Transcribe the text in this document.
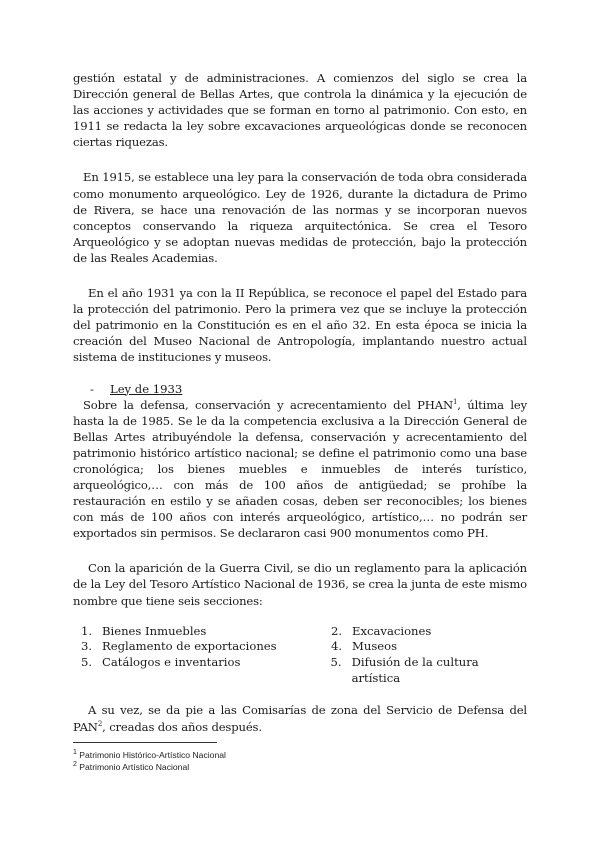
gestión estatal y de administraciones. A comienzos del siglo se crea la Dirección general de Bellas Artes, que controla la dinámica y la ejecución de las acciones y actividades que se forman en torno al patrimonio. Con esto, en 1911 se redacta la ley sobre excavaciones arqueológicas donde se reconocen ciertas riquezas.

En 1915, se establece una ley para la conservación de toda obra considerada como monumento arqueológico. Ley de 1926, durante la dictadura de Primo de Rivera, se hace una renovación de las normas y se incorporan nuevos conceptos conservando la riqueza arquitectónica. Se crea el Tesoro Arqueológico y se adoptan nuevas medidas de protección, bajo la protección de las Reales Academias.

En el año 1931 ya con la II República, se reconoce el papel del Estado para la protección del patrimonio. Pero la primera vez que se incluye la protección del patrimonio en la Constitución es en el año 32. En esta época se inicia la creación del Museo Nacional de Antropología, implantando nuestro actual sistema de instituciones y museos.

-	Ley de 1933

Sobre la defensa, conservación y acrecentamiento del PHAN$^1$, última ley hasta la de 1985. Se le da la competencia exclusiva a la Dirección General de Bellas Artes atribuyéndole la defensa, conservación y acrecentamiento del patrimonio histórico artístico nacional; se define el patrimonio como una base cronológica; los bienes muebles e inmuebles de interés turístico, arqueológico,… con más de 100 años de antigüedad; se prohíbe la restauración en estilo y se añaden cosas, deben ser reconocibles; los bienes con más de 100 años con interés arqueológico, artístico,… no podrán ser exportados sin permisos. Se declararon casi 900 monumentos como PH.

Con la aparición de la Guerra Civil, se dio un reglamento para la aplicación de la Ley del Tesoro Artístico Nacional de 1936, se crea la junta de este mismo nombre que tiene seis secciones:

1. Bienes Inmuebles	2. Excavaciones
3. Reglamento de exportaciones	4. Museos
5. Catálogos e inventarios	5. Difusión de la cultura artística

A su vez, se da pie a las Comisarías de zona del Servicio de Defensa del PAN$^2$, creadas dos años después.

$^1$ Patrimonio Histórico-Artístico Nacional
$^2$ Patrimonio Artístico Nacional
